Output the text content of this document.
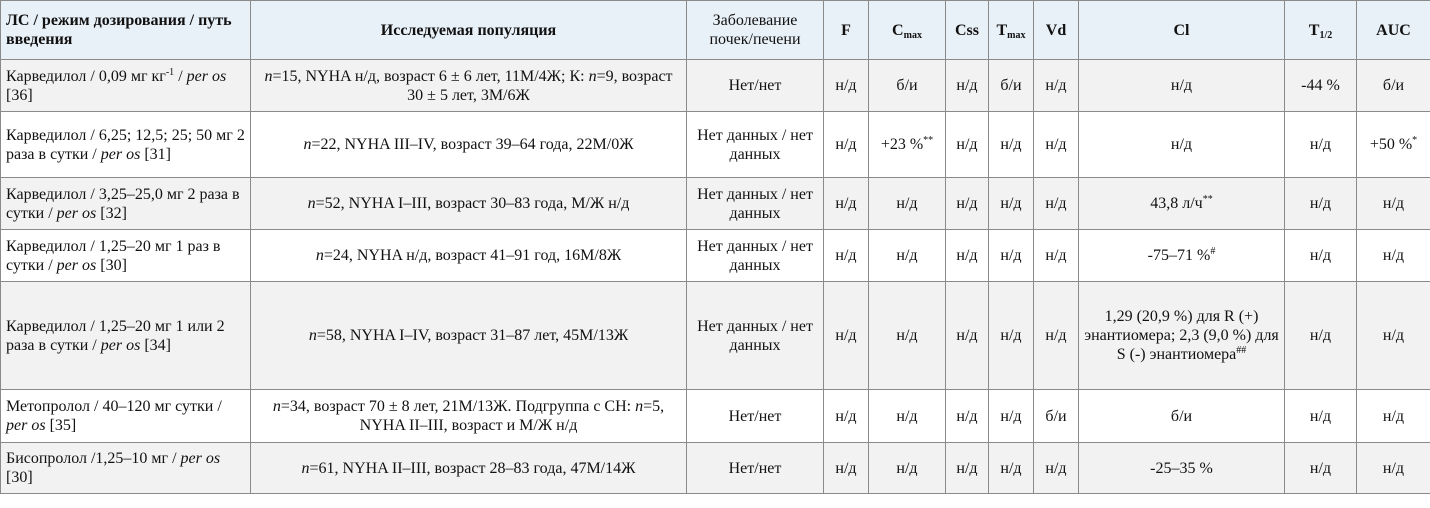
ЛС / режим дозирования / путь введения	Исследуемая популяция	Заболевание почек/печени	F	$C_{max}$	Css	$T_{max}$	Vd	Cl	$T_{1/2}$	AUC
Карведилол / 0,09 мг $кг^{-1}$ / per os [36]	n=15, NYHA н/д, возраст 6 ± 6 лет, 11М/4Ж; К: n=9, возраст 30 ± 5 лет, 3М/6Ж	Нет/нет	н/д	б/и	н/д	б/и	н/д	н/д	-44 %	б/и
Карведилол / 6,25; 12,5; 25; 50 мг 2 раза в сутки / per os [31]	n=22, NYHA III–IV, возраст 39–64 года, 22М/0Ж	Нет данных / нет данных	н/д	+23 %**	н/д	н/д	н/д	н/д	н/д	+50 %*
Карведилол / 3,25–25,0 мг 2 раза в сутки / per os [32]	n=52, NYHA I–III, возраст 30–83 года, М/Ж н/д	Нет данных / нет данных	н/д	н/д	н/д	н/д	н/д	43,8 л/ч**	н/д	н/д
Карведилол / 1,25–20 мг 1 раз в сутки / per os [30]	n=24, NYHA н/д, возраст 41–91 год, 16М/8Ж	Нет данных / нет данных	н/д	н/д	н/д	н/д	н/д	-75–71 %#	н/д	н/д
Карведилол / 1,25–20 мг 1 или 2 раза в сутки / per os [34]	n=58, NYHA I–IV, возраст 31–87 лет, 45М/13Ж	Нет данных / нет данных	н/д	н/д	н/д	н/д	н/д	1,29 (20,9 %) для R (+) энантиомера; 2,3 (9,0 %) для S (-) энантиомера##	н/д	н/д
Метопролол / 40–120 мг сутки / per os [35]	n=34, возраст 70 ± 8 лет, 21М/13Ж. Подгруппа с СН: n=5, NYHA II–III, возраст и М/Ж н/д	Нет/нет	н/д	н/д	н/д	н/д	б/и	б/и	н/д	н/д
Бисопролол /1,25–10 мг / per os [30]	n=61, NYHA II–III, возраст 28–83 года, 47М/14Ж	Нет/нет	н/д	н/д	н/д	н/д	н/д	-25–35 %	н/д	н/д
